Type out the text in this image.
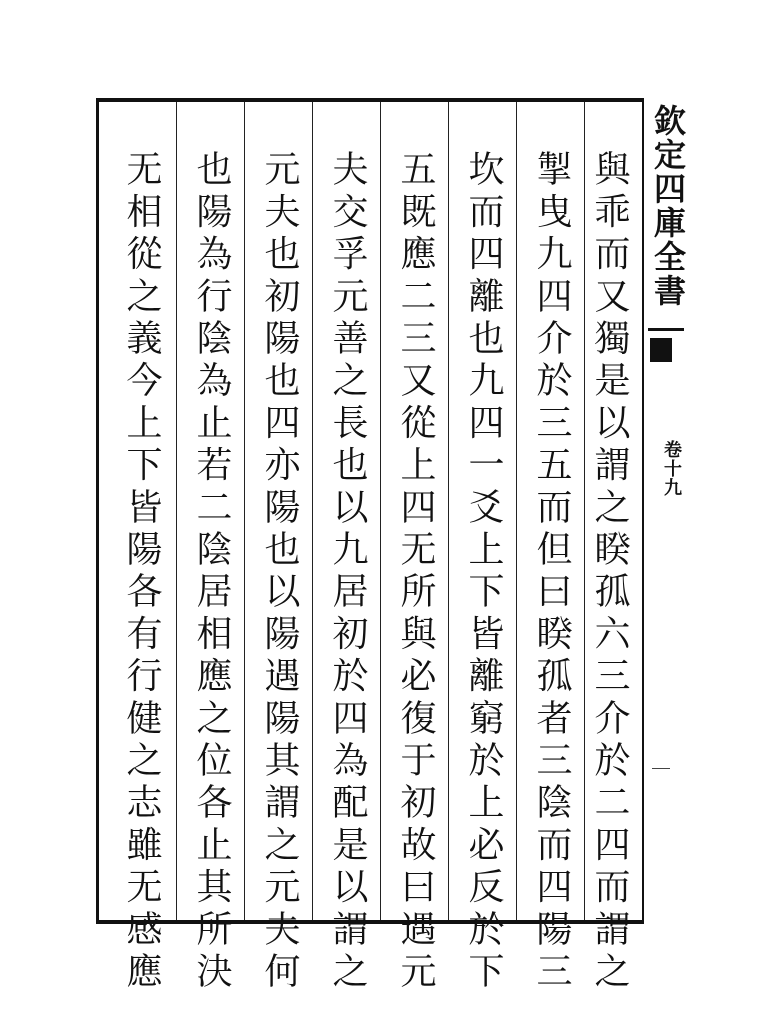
與乖而又獨是以謂之睽孤六三介於二四而謂之
掣曳九四介於三五而但曰睽孤者三陰而四陽三
坎而四離也九四一爻上下皆離窮於上必反於下
五既應二三又從上四无所與必復于初故曰遇元
夫交孚元善之長也以九居初於四為配是以謂之
元夫也初陽也四亦陽也以陽遇陽其謂之元夫何
也陽為行陰為止若二陰居相應之位各止其所決
无相從之義今上下皆陽各有行健之志雖无感應	欽定四庫全書
卷十九
